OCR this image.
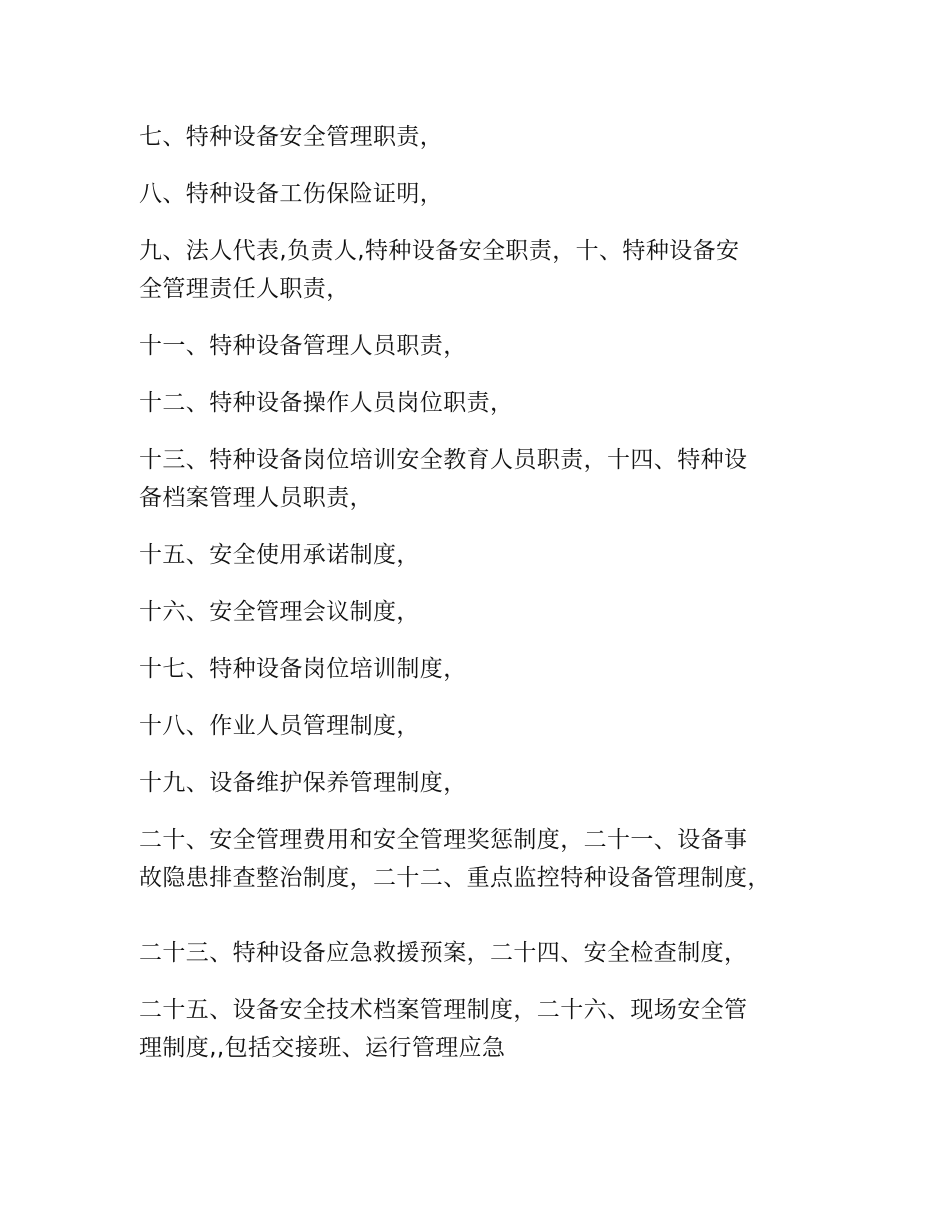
七、特种设备安全管理职责，
八、特种设备工伤保险证明，
九、法人代表,负责人,特种设备安全职责，十、特种设备安
全管理责任人职责，
十一、特种设备管理人员职责，
十二、特种设备操作人员岗位职责，
十三、特种设备岗位培训安全教育人员职责，十四、特种设
备档案管理人员职责，
十五、安全使用承诺制度，
十六、安全管理会议制度，
十七、特种设备岗位培训制度，
十八、作业人员管理制度，
十九、设备维护保养管理制度，
二十、安全管理费用和安全管理奖惩制度，二十一、设备事
故隐患排查整治制度，二十二、重点监控特种设备管理制度，
二十三、特种设备应急救援预案，二十四、安全检查制度，
二十五、设备安全技术档案管理制度，二十六、现场安全管
理制度,,包括交接班、运行管理应急
